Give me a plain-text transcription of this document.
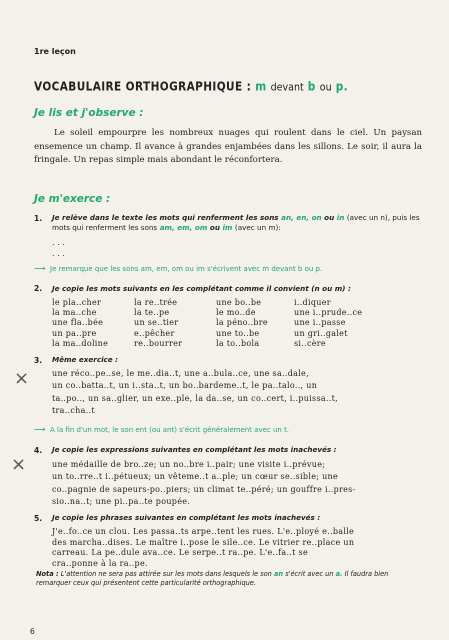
1re leçon
VOCABULAIRE ORTHOGRAPHIQUE : m devant b ou p.
Je lis et j'observe :

Le soleil empourpre les nombreux nuages qui roulent dans le ciel. Un paysan ensemence un champ. Il avance à grandes enjambées dans les sillons. Le soir, il aura la fringale. Un repas simple mais abondant le réconfortera.

Je m'exerce :
1. Je relève dans le texte les mots qui renferment les sons an, en, on ou in (avec un n), puis les mots qui renferment les sons am, em, om ou im (avec un m):
. . .
. . .
⟶ Je remarque que les sons am, em, om ou im s'écrivent avec m devant b ou p.
2. Je copie les mots suivants en les complétant comme il convient (n ou m) :
le pla..cher	la re..trée	une bo..be	i..diquer
la ma..che	la te..pe	le mo..de	une i..prude..ce
une fla..bée	un se..tier	la péno..bre	une i..passe
un pa..pre	e..pêcher	une to..be	un gri..galet
la ma..doline	re..bourrer	la to..bola	si..cère
3. Même exercice :
×	une réco..pe..se, le me..dia..t, une a..bula..ce, une sa..dale,
un co..batta..t, un i..sta..t, un bo..bardeme..t, le pa..talo.., un
ta..po.., un sa..glier, un exe..ple, la da..se, un co..cert, i..puissa..t,
tra..cha..t
⟶ A la fin d'un mot, le son ent (ou ant) s'écrit généralement avec un t.
4. Je copie les expressions suivantes en complétant les mots inachevés :
×	une médaille de bro..ze; un no..bre i..pair; une visite i..prévue;
un to..rre..t i..pétueux; un vêteme..t a..ple; un cœur se..sible; une
co..pagnie de sapeurs-po..piers; un climat te..péré; un gouffre i..pres-
sio..na..t; une pi..pa..te poupée.
5. Je copie les phrases suivantes en complétant les mots inachevés :
J'e..fo..ce un clou. Les passa..ts arpe..tent les rues. L'e..ployé e..balle
des marcha..dises. Le maître i..pose le sile..ce. Le vitrier re..place un
carreau. La pe..dule ava..ce. Le serpe..t ra..pe. L'e..fa..t se
cra..ponne à la ra..pe.
Nota : L'attention ne sera pas attirée sur les mots dans lesquels le son an s'écrit avec un a. Il faudra bien remarquer ceux qui présentent cette particularité orthographique.
6
